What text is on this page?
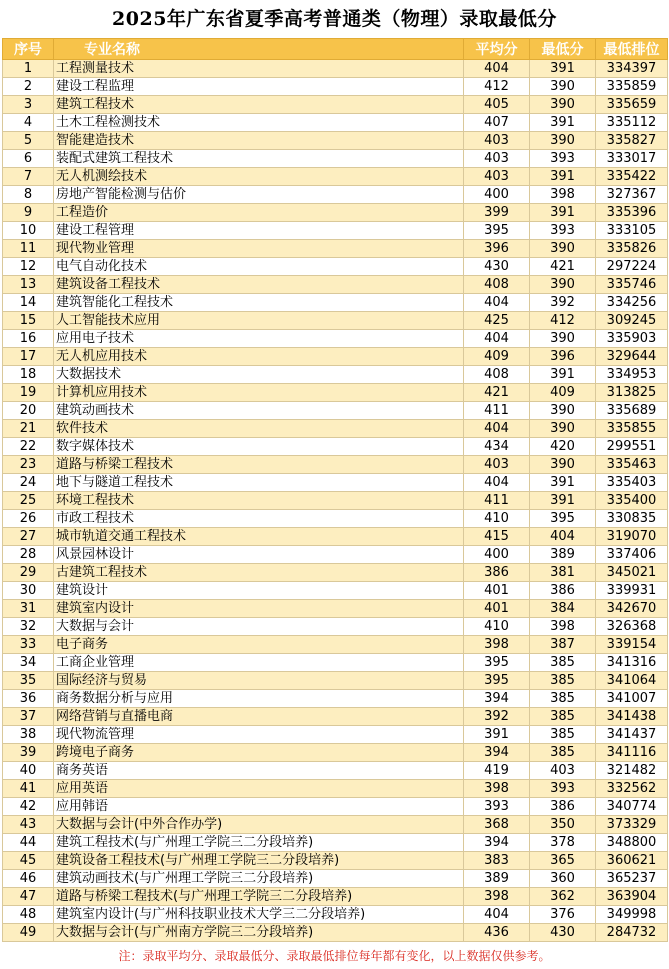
2025年广东省夏季高考普通类（物理）录取最低分
序号	专业名称	平均分	最低分	最低排位
1	工程测量技术	404	391	334397
2	建设工程监理	412	390	335859
3	建筑工程技术	405	390	335659
4	土木工程检测技术	407	391	335112
5	智能建造技术	403	390	335827
6	装配式建筑工程技术	403	393	333017
7	无人机测绘技术	403	391	335422
8	房地产智能检测与估价	400	398	327367
9	工程造价	399	391	335396
10	建设工程管理	395	393	333105
11	现代物业管理	396	390	335826
12	电气自动化技术	430	421	297224
13	建筑设备工程技术	408	390	335746
14	建筑智能化工程技术	404	392	334256
15	人工智能技术应用	425	412	309245
16	应用电子技术	404	390	335903
17	无人机应用技术	409	396	329644
18	大数据技术	408	391	334953
19	计算机应用技术	421	409	313825
20	建筑动画技术	411	390	335689
21	软件技术	404	390	335855
22	数字媒体技术	434	420	299551
23	道路与桥梁工程技术	403	390	335463
24	地下与隧道工程技术	404	391	335403
25	环境工程技术	411	391	335400
26	市政工程技术	410	395	330835
27	城市轨道交通工程技术	415	404	319070
28	风景园林设计	400	389	337406
29	古建筑工程技术	386	381	345021
30	建筑设计	401	386	339931
31	建筑室内设计	401	384	342670
32	大数据与会计	410	398	326368
33	电子商务	398	387	339154
34	工商企业管理	395	385	341316
35	国际经济与贸易	395	385	341064
36	商务数据分析与应用	394	385	341007
37	网络营销与直播电商	392	385	341438
38	现代物流管理	391	385	341437
39	跨境电子商务	394	385	341116
40	商务英语	419	403	321482
41	应用英语	398	393	332562
42	应用韩语	393	386	340774
43	大数据与会计(中外合作办学)	368	350	373329
44	建筑工程技术(与广州理工学院三二分段培养)	394	378	348800
45	建筑设备工程技术(与广州理工学院三二分段培养)	383	365	360621
46	建筑动画技术(与广州理工学院三二分段培养)	389	360	365237
47	道路与桥梁工程技术(与广州理工学院三二分段培养)	398	362	363904
48	建筑室内设计(与广州科技职业技术大学三二分段培养)	404	376	349998
49	大数据与会计(与广州南方学院三二分段培养)	436	430	284732
注：录取平均分、录取最低分、录取最低排位每年都有变化，以上数据仅供参考。
